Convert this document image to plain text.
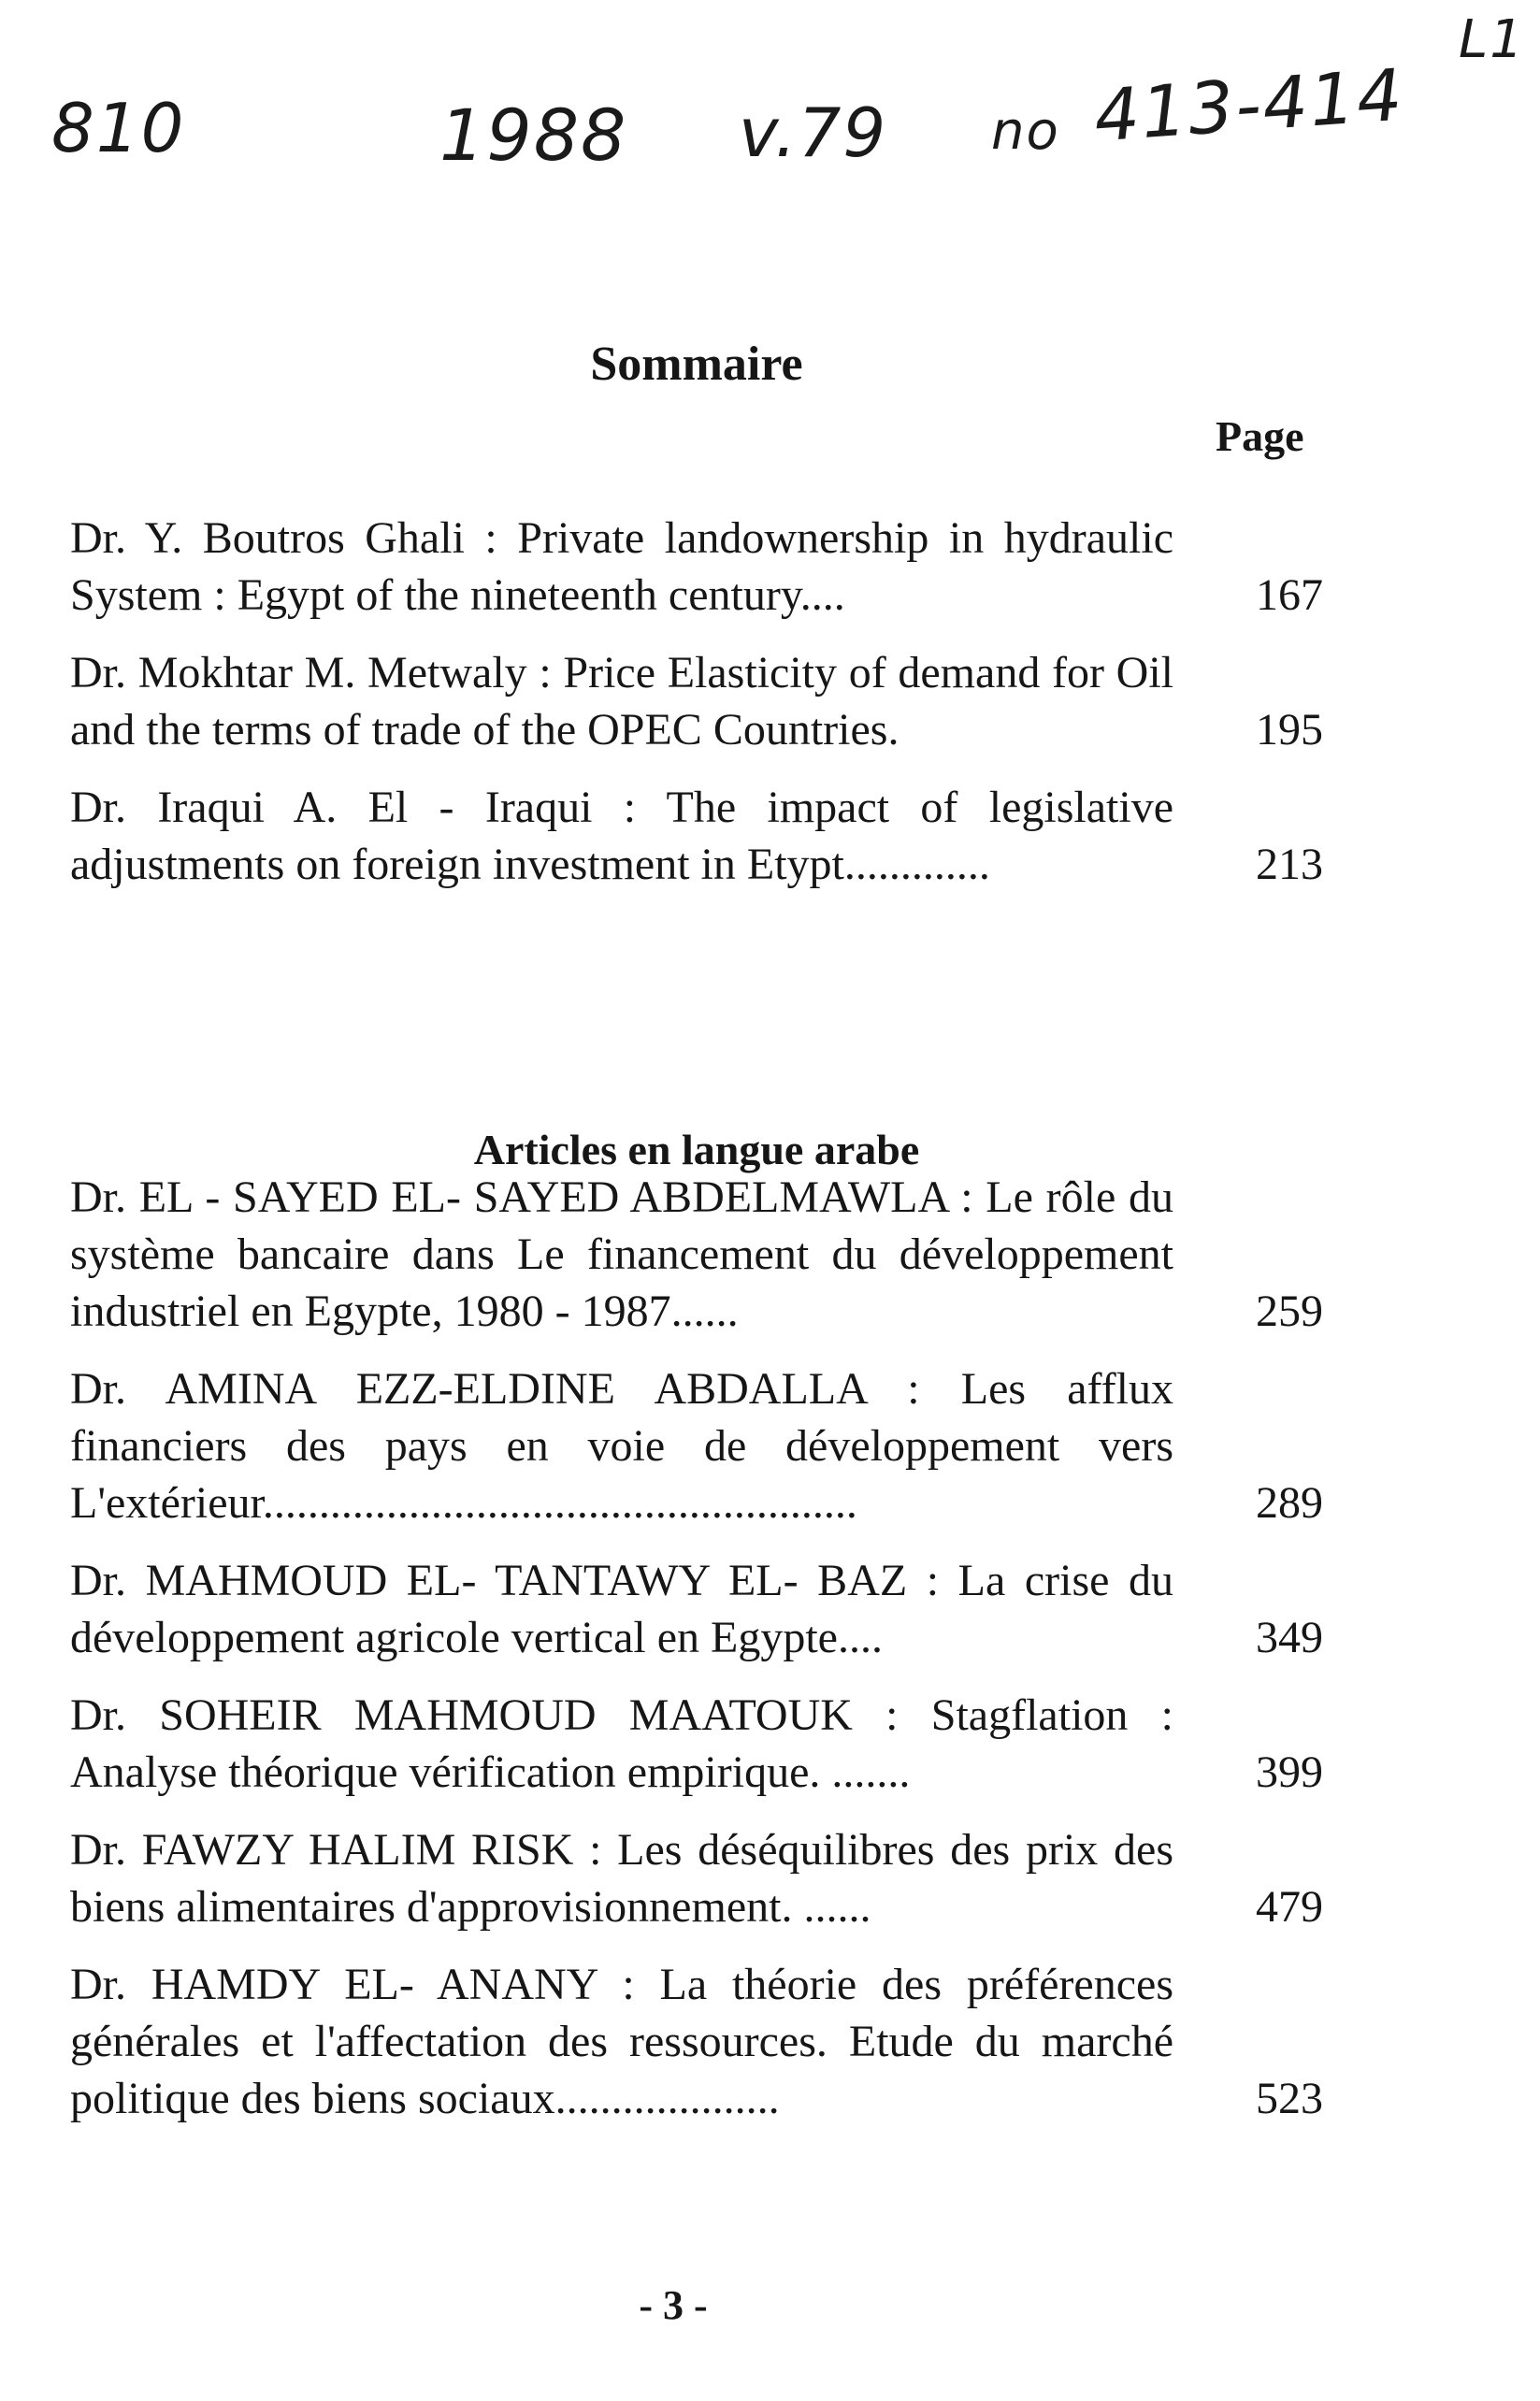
810	1988 v.79 no 413-414
L1
Sommaire
Page
Dr. Y. Boutros Ghali : Private landownership in hydraulic System : Egypt of the nineteenth century....	167
Dr. Mokhtar M. Metwaly : Price Elasticity of demand for Oil and the terms of trade of the OPEC Countries.	195
Dr. Iraqui A. El - Iraqui : The impact of legislative adjustments on foreign investment in Etypt.............	213
Articles en langue arabe
Dr. EL - SAYED EL- SAYED ABDELMAWLA : Le rôle du système bancaire dans Le financement du développement industriel en Egypte, 1980 - 1987......	259
Dr. AMINA EZZ-ELDINE ABDALLA : Les afflux financiers des pays en voie de développement vers L'extérieur.....................................................	289
Dr. MAHMOUD EL- TANTAWY EL- BAZ : La crise du développement agricole vertical en Egypte....	349
Dr. SOHEIR MAHMOUD MAATOUK : Stagflation : Analyse théorique vérification empirique. .......	399
Dr. FAWZY HALIM RISK : Les déséquilibres des prix des biens alimentaires d'approvisionnement. ......	479
Dr. HAMDY EL- ANANY : La théorie des préférences générales et l'affectation des ressources. Etude du marché politique des biens sociaux....................	523
- 3 -
